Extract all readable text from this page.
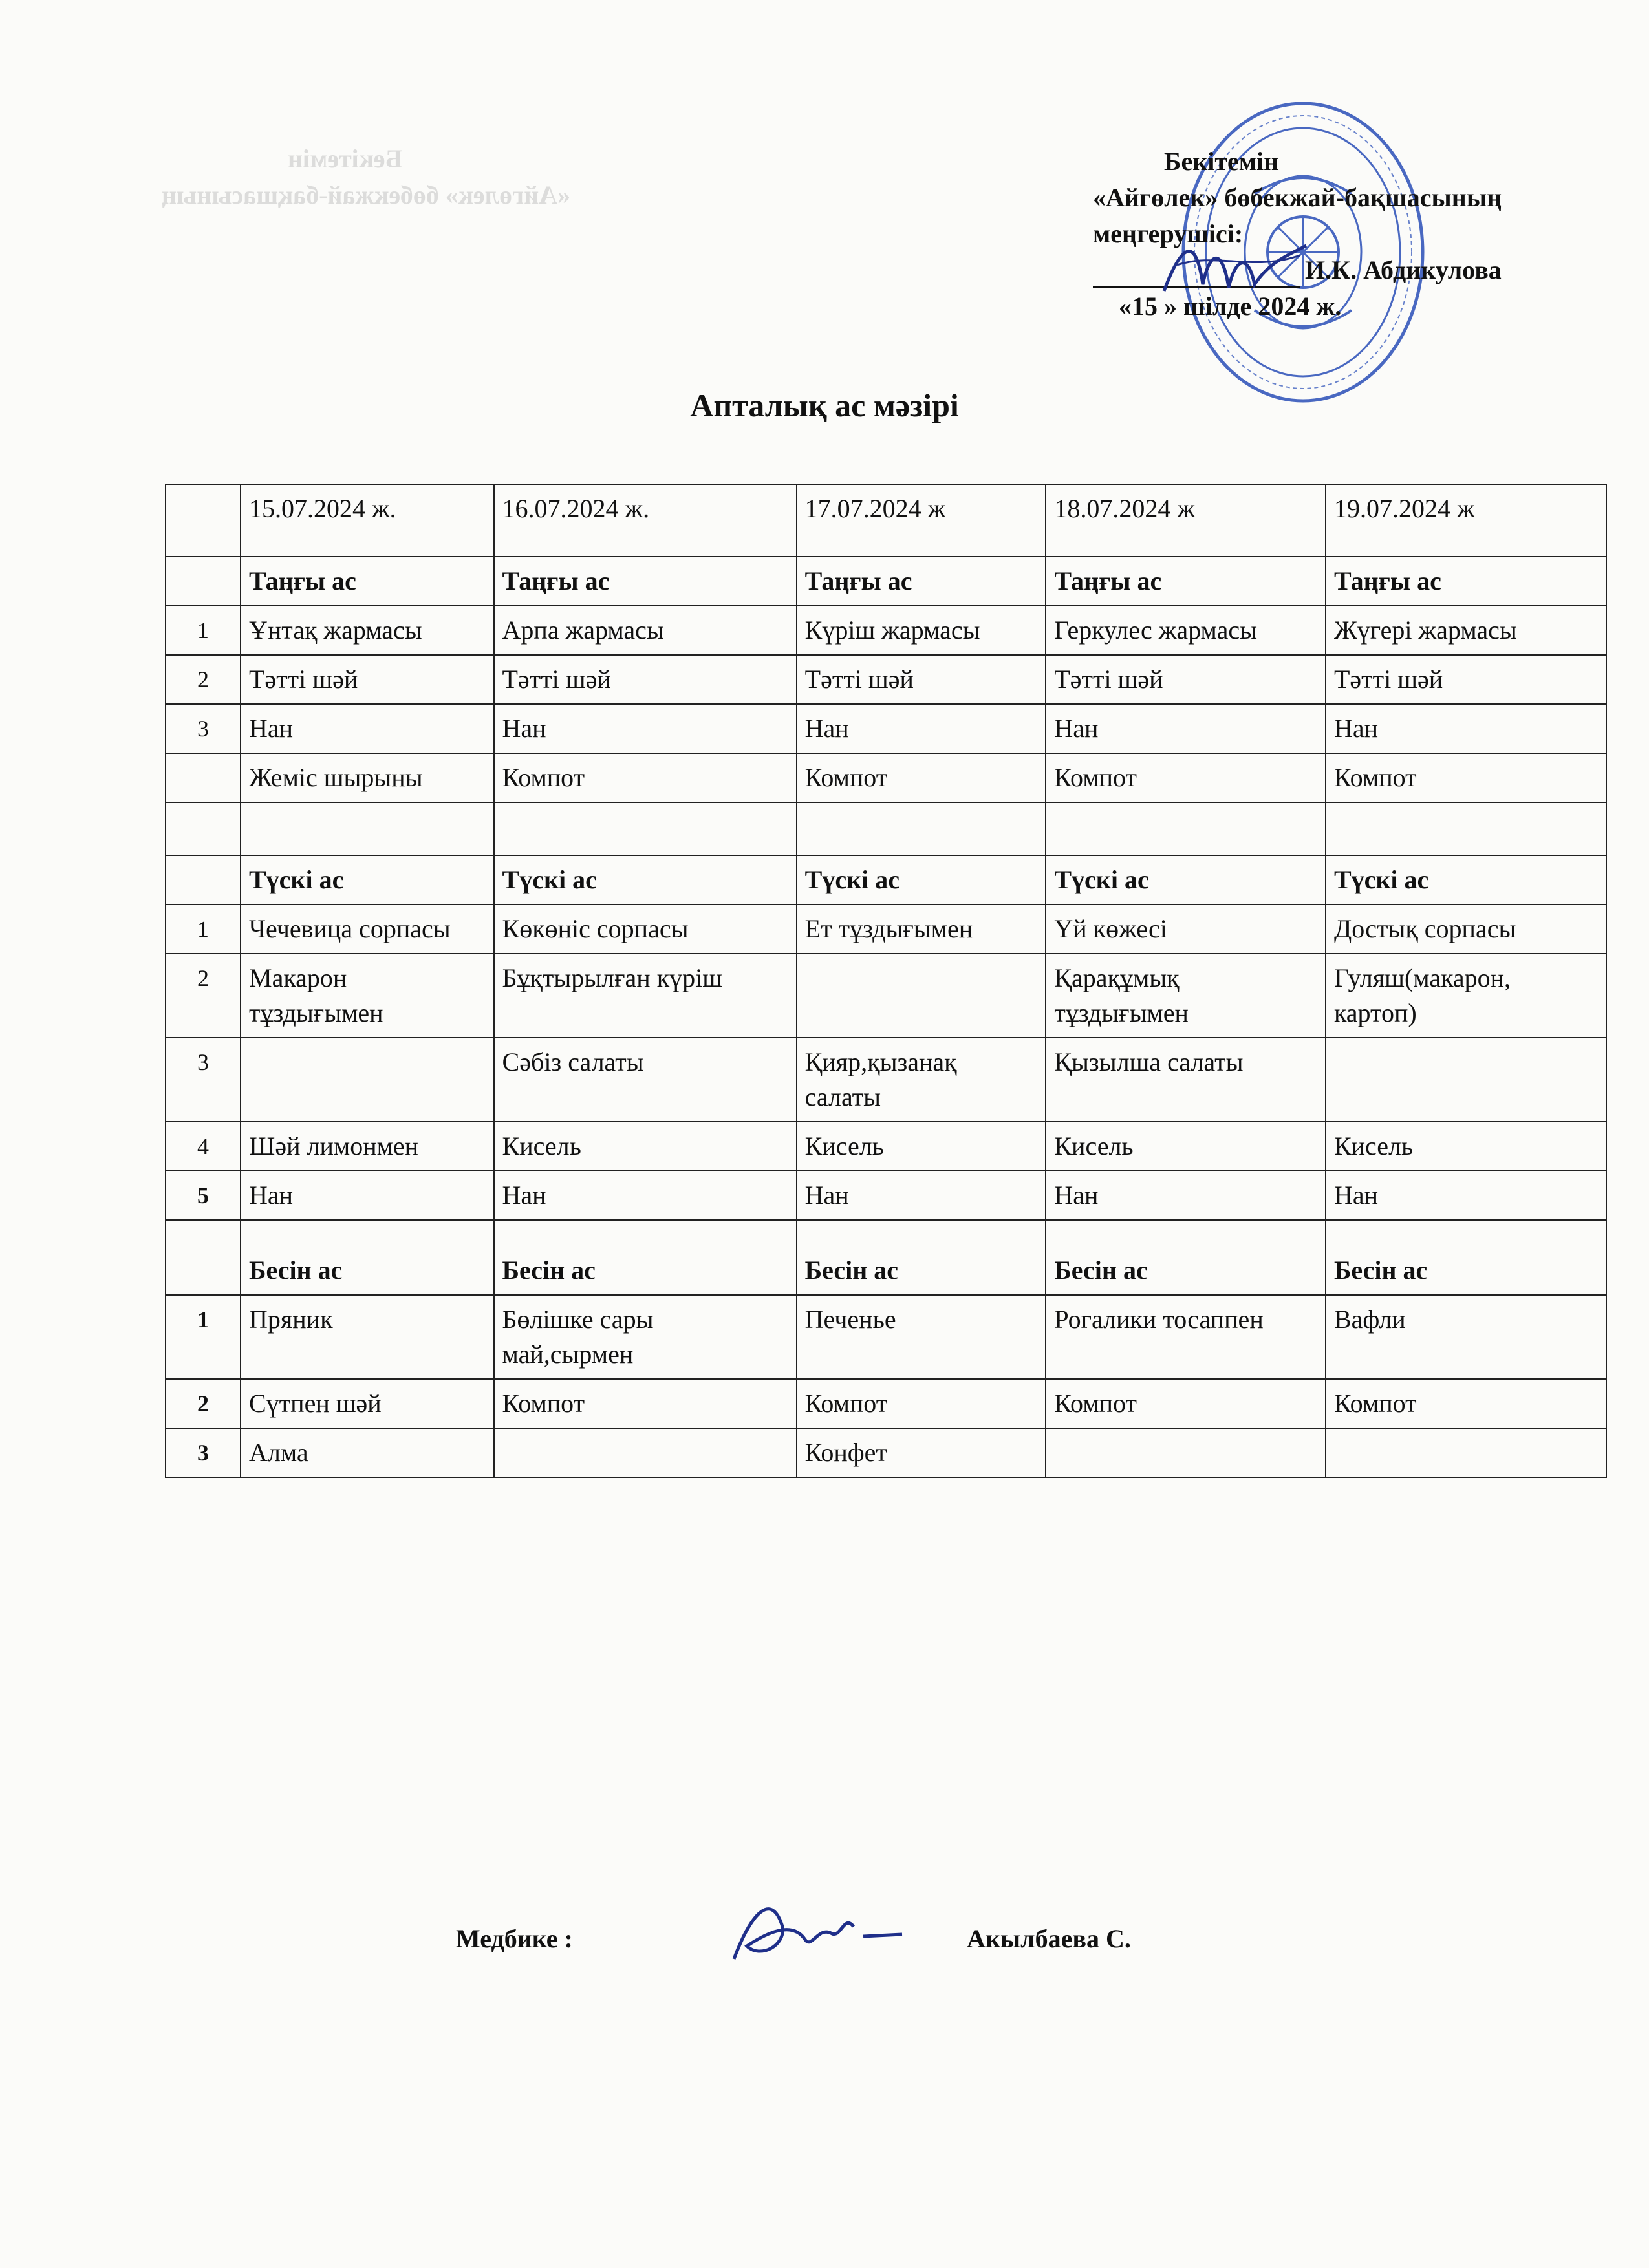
Бекітемін
«Айгөлек» бөбекжай-бақшасының
Бекітемін
«Айгөлек» бөбекжай-бақшасының
меңгерушісі:
И.К. Абдикулова
«15 » шілде 2024 ж.
Апталық ас мәзірі
	15.07.2024 ж.	16.07.2024 ж.	17.07.2024 ж	18.07.2024 ж	19.07.2024 ж
	Таңғы ас	Таңғы ас	Таңғы ас	Таңғы ас	Таңғы ас
1	Ұнтақ жармасы	Арпа жармасы	Күріш жармасы	Геркулес жармасы	Жүгері жармасы
2	Тәтті шәй	Тәтті шәй	Тәтті шәй	Тәтті шәй	Тәтті шәй
3	Нан	Нан	Нан	Нан	Нан
	Жеміс шырыны	Компот	Компот	Компот	Компот

	Түскі ас	Түскі ас	Түскі ас	Түскі ас	Түскі ас
1	Чечевица сорпасы	Көкөніс сорпасы	Ет тұздығымен	Үй көжесі	Достық сорпасы
2	Макарон тұздығымен	Бұқтырылған күріш		Қарақұмық тұздығымен	Гуляш(макарон, картоп)
3		Сәбіз салаты	Қияр,қызанақ салаты	Қызылша салаты	
4	Шәй лимонмен	Кисель	Кисель	Кисель	Кисель
5	Нан	Нан	Нан	Нан	Нан
	Бесін ас	Бесін ас	Бесін ас	Бесін ас	Бесін ас
1	Пряник	Бөлішке сары май,сырмен	Печенье	Рогалики тосаппен	Вафли
2	Сүтпен шәй	Компот	Компот	Компот	Компот
3	Алма		Конфет		
Медбике :	Акылбаева С.
